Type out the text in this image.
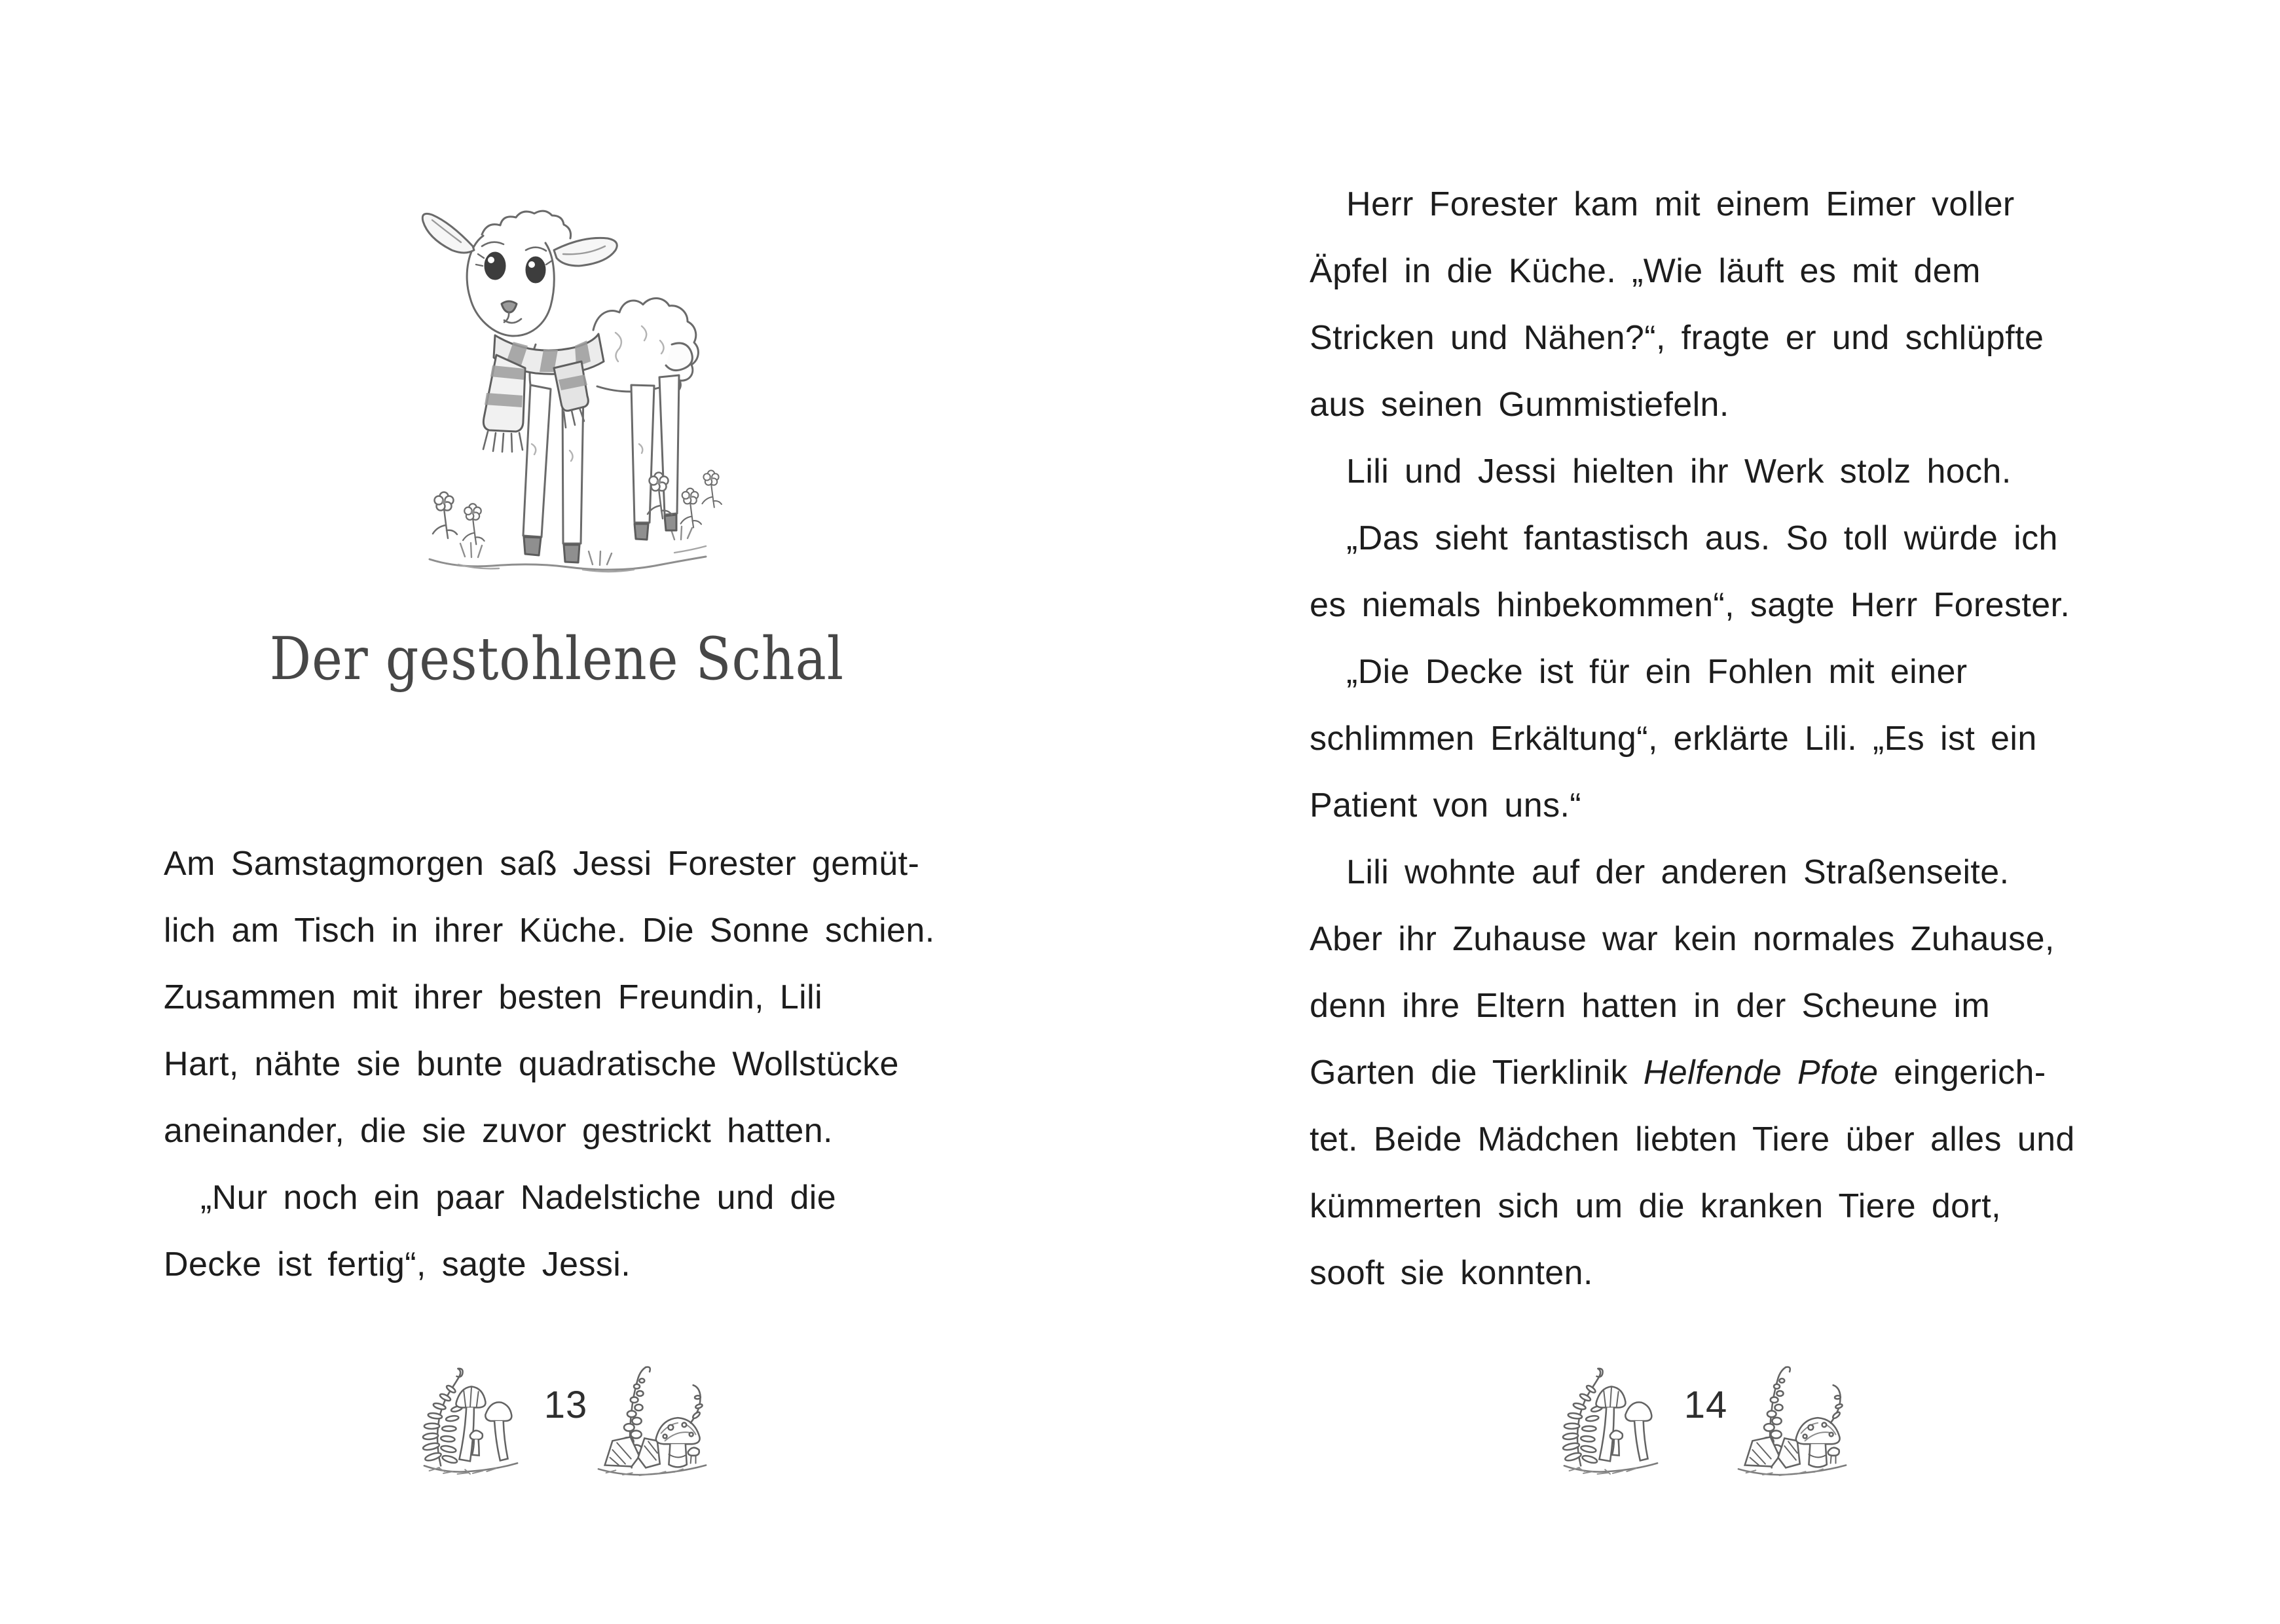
Der gestohlene Schal
Am Samstagmorgen saß Jessi Forester gemüt-
lich am Tisch in ihrer Küche. Die Sonne schien.
Zusammen mit ihrer besten Freundin, Lili
Hart, nähte sie bunte quadratische Wollstücke
aneinander, die sie zuvor gestrickt hatten.
„Nur noch ein paar Nadelstiche und die
Decke ist fertig“, sagte Jessi.
13
Herr Forester kam mit einem Eimer voller
Äpfel in die Küche. „Wie läuft es mit dem
Stricken und Nähen?“, fragte er und schlüpfte
aus seinen Gummistiefeln.
Lili und Jessi hielten ihr Werk stolz hoch.
„Das sieht fantastisch aus. So toll würde ich
es niemals hinbekommen“, sagte Herr Forester.
„Die Decke ist für ein Fohlen mit einer
schlimmen Erkältung“, erklärte Lili. „Es ist ein
Patient von uns.“
Lili wohnte auf der anderen Straßenseite.
Aber ihr Zuhause war kein normales Zuhause,
denn ihre Eltern hatten in der Scheune im
Garten die Tierklinik Helfende Pfote eingerich-
tet. Beide Mädchen liebten Tiere über alles und
kümmerten sich um die kranken Tiere dort,
sooft sie konnten.
14
